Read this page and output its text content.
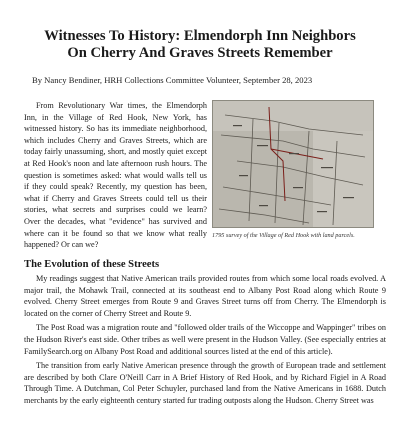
Witnesses To History: Elmendorph Inn Neighbors
On Cherry And Graves Streets Remember
By Nancy Bendiner, HRH Collections Committee Volunteer, September 28, 2023

From Revolutionary War times, the Elmendorph Inn, in the Village of Red Hook, New York, has witnessed history. So has its immediate neighborhood, which includes Cherry and Graves Streets, which are today fairly unassuming, short, and mostly quiet except at Red Hook's noon and late afternoon rush hours. The question is sometimes asked: what would walls tell us if they could speak? Recently, my question has been, what if Cherry and Graves Streets could tell us their stories, what secrets and surprises could we learn? Over the decades, what "evidence" has survived and where can it be found so that we know what really happened? Or can we?

1795 survey of the Village of Red Hook with land parcels.
The Evolution of these Streets

My readings suggest that Native American trails provided routes from which some local roads evolved. A major trail, the Mohawk Trail, connected at its southeast end to Albany Post Road along which Route 9 evolved. Cherry Street emerges from Route 9 and Graves Street turns off from Cherry. The Elmendorph is located on the corner of Cherry Street and Route 9.

The Post Road was a migration route and "followed older trails of the Wiccoppe and Wappinger" tribes on the Hudson River's east side. Other tribes as well were present in the Hudson Valley. (See especially entries at FamilySearch.org on Albany Post Road and additional sources listed at the end of this article).

The transition from early Native American presence through the growth of European trade and settlement are described by both Clare O'Neill Carr in A Brief History of Red Hook, and by Richard Figiel in A Road Through Time. A Dutchman, Col Peter Schuyler, purchased land from the Native Americans in 1688. Dutch merchants by the early eighteenth century started fur trading outposts along the Hudson. Cherry Street was
